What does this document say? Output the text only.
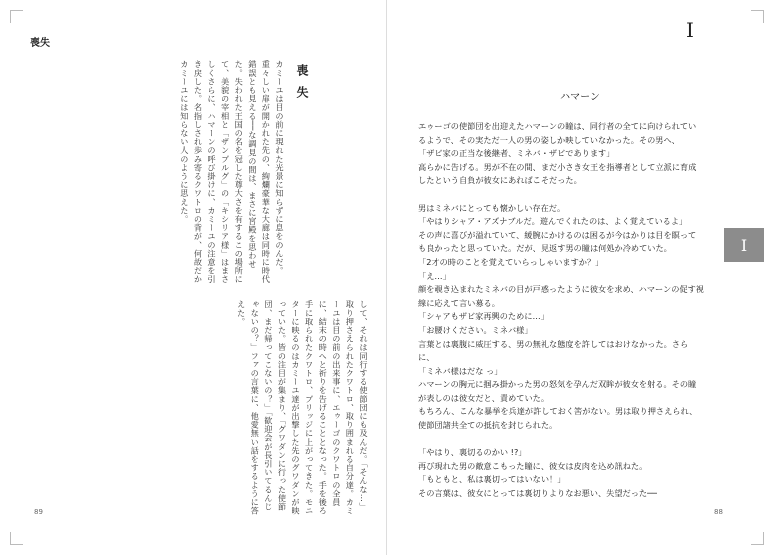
喪失
喪失
カミーユは目の前に現れた光景に知らずに息をのんだ。重々しい扉が開かれた先の、絢爛豪華な大廊は同時に時代錯誤とも見える──な調見の間は、まさに宮殿を思わせた。失われた王国の名を冠した尊大さを有するこの場所にて、美貌の宰相と「ザンブルグ」の「キシリア様」はまさしくさらに、ハマーンの呼び掛けに、カミーユの注意を引き戻した。名指しされ歩み寄るクワトロの背が、何故だかカミーユには知らない人のように思えた。
して、それは同行する使節団にも及んだ。「そんな…」取り押さえられたクワトロ、取り囲まれる自分達。カミーユは目の前の出来事に、エゥーゴのクワトロの全員に、結末の時へと祈りを告げることとなった。手を後ろ手に取られたクワトロ、ブリッジに上がってきた。モニターに映るのはカミーユ達が出撃した先のグワダンが映っていた。皆の注目が集まり、「グワダンに行った使節団、まだ帰ってこないの？」「歓迎会が長引いてるんじゃないの？」ファの言葉に、他愛無い話をするように答えた。
89
I
ハマーン

エゥーゴの使節団を出迎えたハマーンの瞳は、同行者の全てに向けられているようで、その実ただ一人の男の姿しか映していなかった。その男へ、

「ザビ家の正当な後継者、ミネバ・ザビであります」

高らかに告げる。男が不在の間、まだ小さき女王を指導者として立派に育成したという自負が彼女にあればこそだった。

男はミネバにとっても懐かしい存在だ。

「やはりシャア・アズナブルだ。遊んでくれたのは、よく覚えているよ」

その声に喜びが溢れていて、緩腕にかけるのは困るが今はかりは目を瞑っても良かったと思っていた。だが、見返す男の瞳は何処か冷めていた。

「2才の時のことを覚えていらっしゃいますか？」

「え…」

顔を覗き込まれたミネバの目が戸惑ったように彼女を求め、ハマーンの促す視線に応えて言い募る。

「シャアもザビ家再興のために…」

「お腰けください。ミネバ様」

言葉とは裏腹に威圧する、男の無礼な態度を許してはおけなかった。さらに、

「ミネバ様はだな っ」

ハマーンの胸元に掴み掛かった男の怒気を孕んだ双眸が彼女を射る。その瞳が表しのは彼女だと、責めていた。

もちろん、こんな暴挙を兵達が許しておく筈がない。男は取り押さえられ、使節団諸共全ての抵抗を封じられた。

「やはり、裏切るのかい !?」

再び現れた男の敵意こもった瞳に、彼女は皮肉を込め訊ねた。

「もともと、私は裏切ってはいない！」

その言葉は、彼女にとっては裏切りよりなお悪い、失望だった──

I
88
